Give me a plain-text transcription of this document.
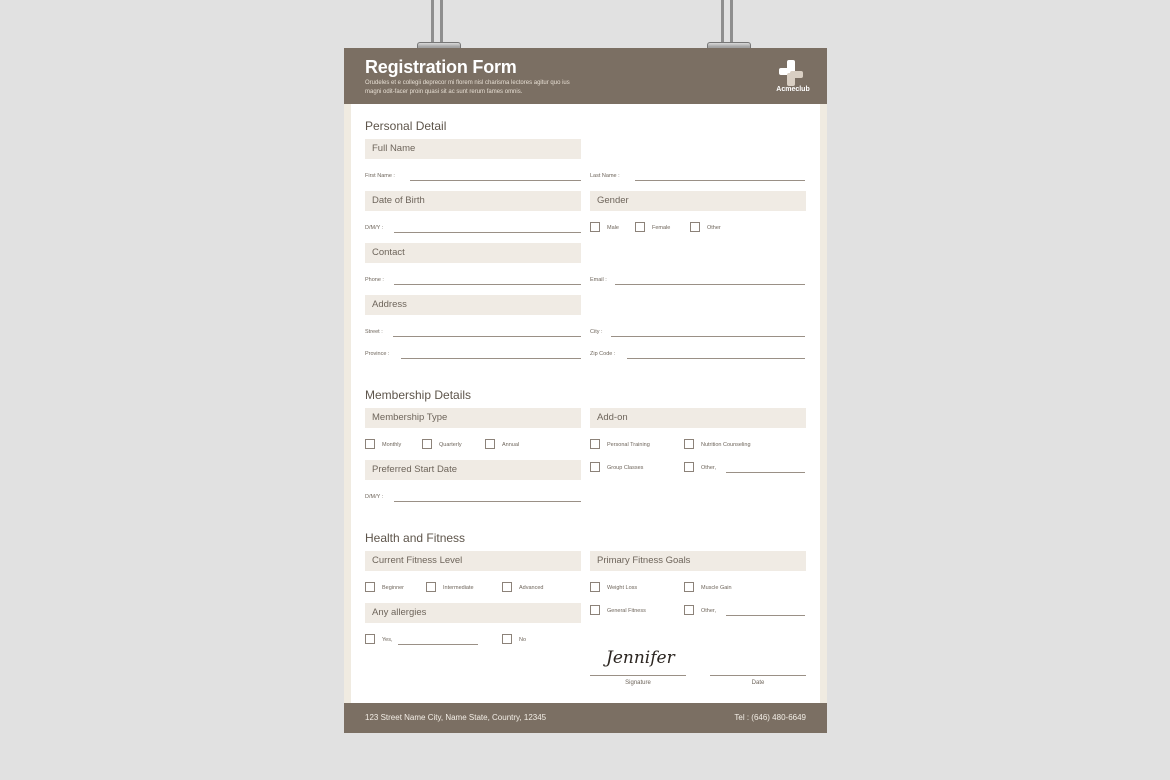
Registration Form
Orudeles et e collegii deprecor mi florem nisl charisma lectores agitur quo ius magni odit-facer proin quasi sit ac sunt rerum fames omnis.	Acmeclub
Personal Detail
Full Name
First Name :	Last Name :
Date of Birth	Gender
D/M/Y :	Male	Female	Other
Contact
Phone :	Email :
Address
Street :	City :
Province :	Zip Code :
Membership Details
Membership Type	Add-on
Monthly	Quarterly	Annual	Personal Training	Nutrition Counseling
Group Classes	Other,
Preferred Start Date
D/M/Y :
Health and Fitness
Current Fitness Level	Primary Fitness Goals
Beginner	Intermediate	Advanced	Weight Loss	Muscle Gain
General Fitness	Other,
Any allergies
Yes,	No
Jennifer
Signature	Date
123 Street Name City, Name State, Country, 12345	Tel : (646) 480-6649
